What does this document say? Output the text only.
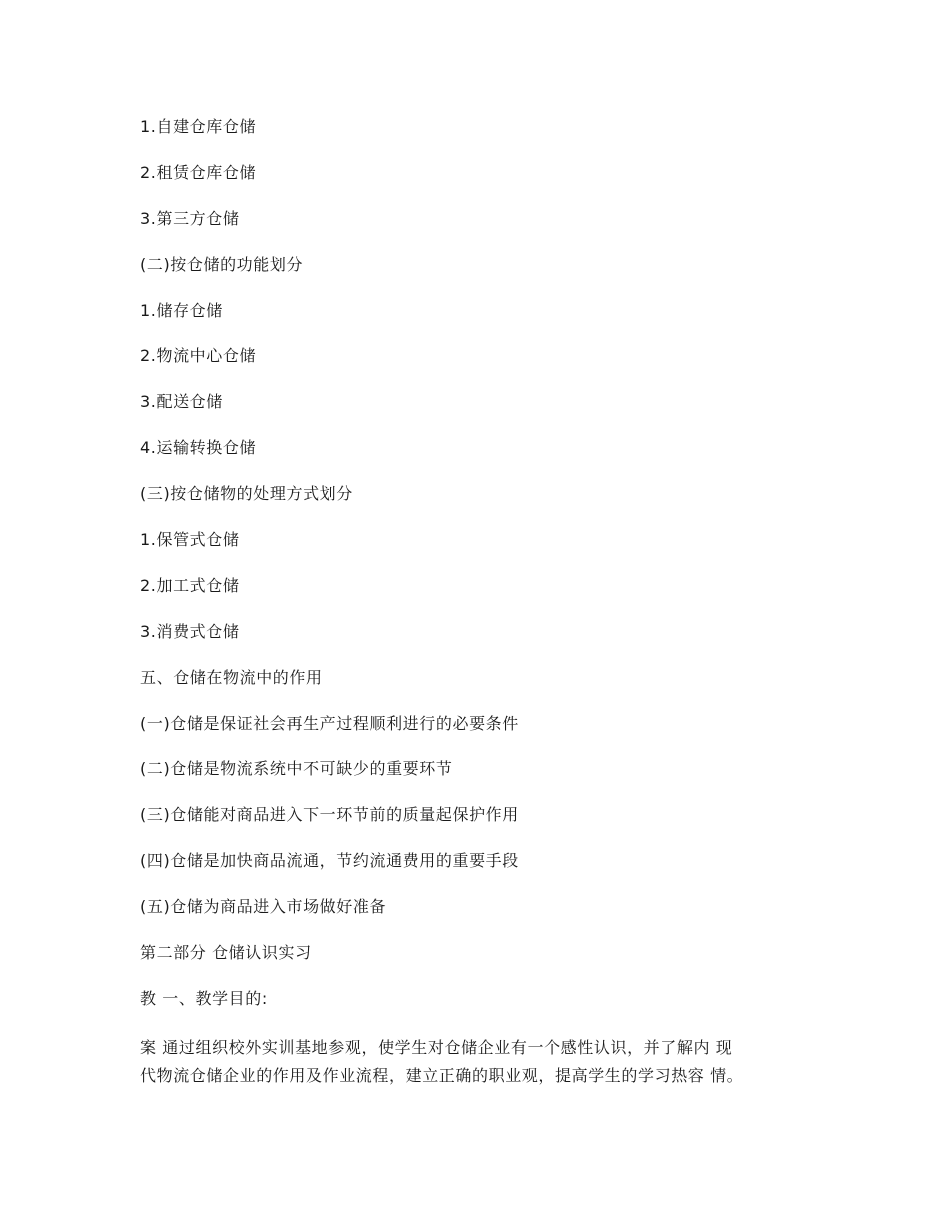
1.自建仓库仓储
2.租赁仓库仓储
3.第三方仓储
(二)按仓储的功能划分
1.储存仓储
2.物流中心仓储
3.配送仓储
4.运输转换仓储
(三)按仓储物的处理方式划分
1.保管式仓储
2.加工式仓储
3.消费式仓储
五、仓储在物流中的作用
(一)仓储是保证社会再生产过程顺利进行的必要条件
(二)仓储是物流系统中不可缺少的重要环节
(三)仓储能对商品进入下一环节前的质量起保护作用
(四)仓储是加快商品流通，节约流通费用的重要手段
(五)仓储为商品进入市场做好准备
第二部分 仓储认识实习
教 一、教学目的:
案 通过组织校外实训基地参观，使学生对仓储企业有一个感性认识，并了解内 现
代物流仓储企业的作用及作业流程，建立正确的职业观，提高学生的学习热容 情。
